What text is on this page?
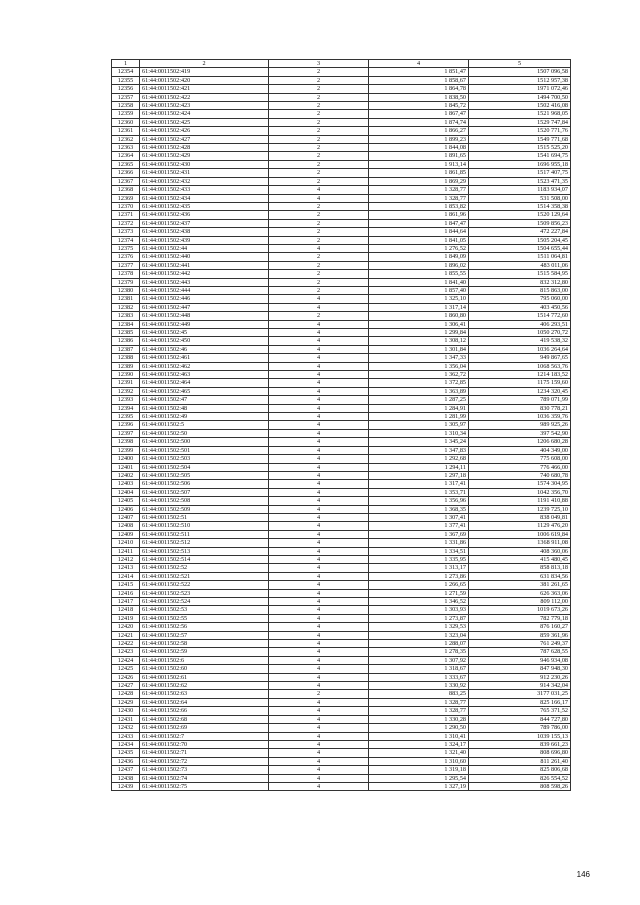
1	2	3	4	5
12354	61:44:0011502:419	2	1 851,47	1507 096,58
12355	61:44:0011502:420	2	1 858,67	1512 957,38
12356	61:44:0011502:421	2	1 864,78	1971 072,46
12357	61:44:0011502:422	2	1 838,50	1494 700,50
12358	61:44:0011502:423	2	1 845,72	1502 416,08
12359	61:44:0011502:424	2	1 867,47	1521 968,05
12360	61:44:0011502:425	2	1 874,74	1529 747,84
12361	61:44:0011502:426	2	1 866,27	1520 771,76
12362	61:44:0011502:427	2	1 899,23	1549 771,68
12363	61:44:0011502:428	2	1 844,08	1515 525,20
12364	61:44:0011502:429	2	1 891,65	1541 694,75
12365	61:44:0011502:430	2	1 913,14	1696 955,18
12366	61:44:0011502:431	2	1 861,85	1517 407,75
12367	61:44:0011502:432	2	1 869,29	1523 471,35
12368	61:44:0011502:433	4	1 328,77	1183 934,07
12369	61:44:0011502:434	4	1 328,77	531 508,00
12370	61:44:0011502:435	2	1 853,82	1514 358,38
12371	61:44:0011502:436	2	1 861,96	1520 129,64
12372	61:44:0011502:437	2	1 847,47	1509 856,23
12373	61:44:0011502:438	2	1 844,64	472 227,84
12374	61:44:0011502:439	2	1 841,05	1505 204,45
12375	61:44:0011502:44	4	1 276,52	1504 655,44
12376	61:44:0011502:440	2	1 849,09	1511 064,81
12377	61:44:0011502:441	2	1 896,02	483 011,06
12378	61:44:0011502:442	2	1 855,55	1515 584,95
12379	61:44:0011502:443	2	1 841,40	832 312,80
12380	61:44:0011502:444	2	1 857,40	815 863,00
12381	61:44:0011502:446	4	1 325,10	795 060,00
12382	61:44:0011502:447	4	1 317,14	403 450,56
12383	61:44:0011502:448	2	1 860,80	1514 772,60
12384	61:44:0011502:449	4	1 306,41	406 293,51
12385	61:44:0011502:45	4	1 299,84	1050 270,72
12386	61:44:0011502:450	4	1 308,12	419 538,32
12387	61:44:0011502:46	4	1 301,84	1036 264,64
12388	61:44:0011502:461	4	1 347,33	949 867,65
12389	61:44:0011502:462	4	1 356,04	1068 563,76
12390	61:44:0011502:463	4	1 362,72	1214 183,52
12391	61:44:0011502:464	4	1 372,85	1175 159,60
12392	61:44:0011502:465	4	1 363,89	1234 320,45
12393	61:44:0011502:47	4	1 287,25	789 071,99
12394	61:44:0011502:48	4	1 284,91	830 778,21
12395	61:44:0011502:49	4	1 281,99	1036 359,76
12396	61:44:0011502:5	4	1 305,97	989 925,26
12397	61:44:0011502:50	4	1 310,34	397 542,90
12398	61:44:0011502:500	4	1 345,24	1206 680,28
12399	61:44:0011502:501	4	1 347,83	404 349,00
12400	61:44:0011502:503	4	1 292,68	775 608,00
12401	61:44:0011502:504	4	1 294,11	776 466,00
12402	61:44:0011502:505	4	1 297,18	740 680,78
12403	61:44:0011502:506	4	1 317,41	1574 304,95
12404	61:44:0011502:507	4	1 353,71	1042 356,70
12405	61:44:0011502:508	4	1 356,96	1191 410,88
12406	61:44:0011502:509	4	1 368,35	1239 725,10
12407	61:44:0011502:51	4	1 307,41	838 049,81
12408	61:44:0011502:510	4	1 377,41	1129 476,20
12409	61:44:0011502:511	4	1 367,69	1006 619,84
12410	61:44:0011502:512	4	1 331,86	1368 911,08
12411	61:44:0011502:513	4	1 334,51	408 360,06
12412	61:44:0011502:514	4	1 335,95	415 480,45
12413	61:44:0011502:52	4	1 313,17	858 813,18
12414	61:44:0011502:521	4	1 273,86	631 834,56
12415	61:44:0011502:522	4	1 266,65	381 261,65
12416	61:44:0011502:523	4	1 271,59	626 363,06
12417	61:44:0011502:524	4	1 346,52	809 112,00
12418	61:44:0011502:53	4	1 303,93	1019 673,26
12419	61:44:0011502:55	4	1 273,87	782 779,18
12420	61:44:0011502:56	4	1 329,53	876 160,27
12421	61:44:0011502:57	4	1 323,04	859 361,96
12422	61:44:0011502:58	4	1 288,07	761 249,37
12423	61:44:0011502:59	4	1 278,35	787 628,55
12424	61:44:0011502:6	4	1 307,92	946 934,08
12425	61:44:0011502:60	4	1 318,67	847 948,30
12426	61:44:0011502:61	4	1 333,67	912 230,26
12427	61:44:0011502:62	4	1 330,92	914 342,04
12428	61:44:0011502:63	2	883,25	3177 031,25
12429	61:44:0011502:64	4	1 328,77	825 166,17
12430	61:44:0011502:66	4	1 328,77	765 371,52
12431	61:44:0011502:68	4	1 330,28	844 727,80
12432	61:44:0011502:69	4	1 290,50	789 786,00
12433	61:44:0011502:7	4	1 310,41	1039 155,13
12434	61:44:0011502:70	4	1 324,17	839 661,23
12435	61:44:0011502:71	4	1 321,40	808 696,80
12436	61:44:0011502:72	4	1 310,60	811 261,40
12437	61:44:0011502:73	4	1 319,18	825 806,68
12438	61:44:0011502:74	4	1 295,54	826 554,52
12439	61:44:0011502:75	4	1 327,19	808 598,26
146
